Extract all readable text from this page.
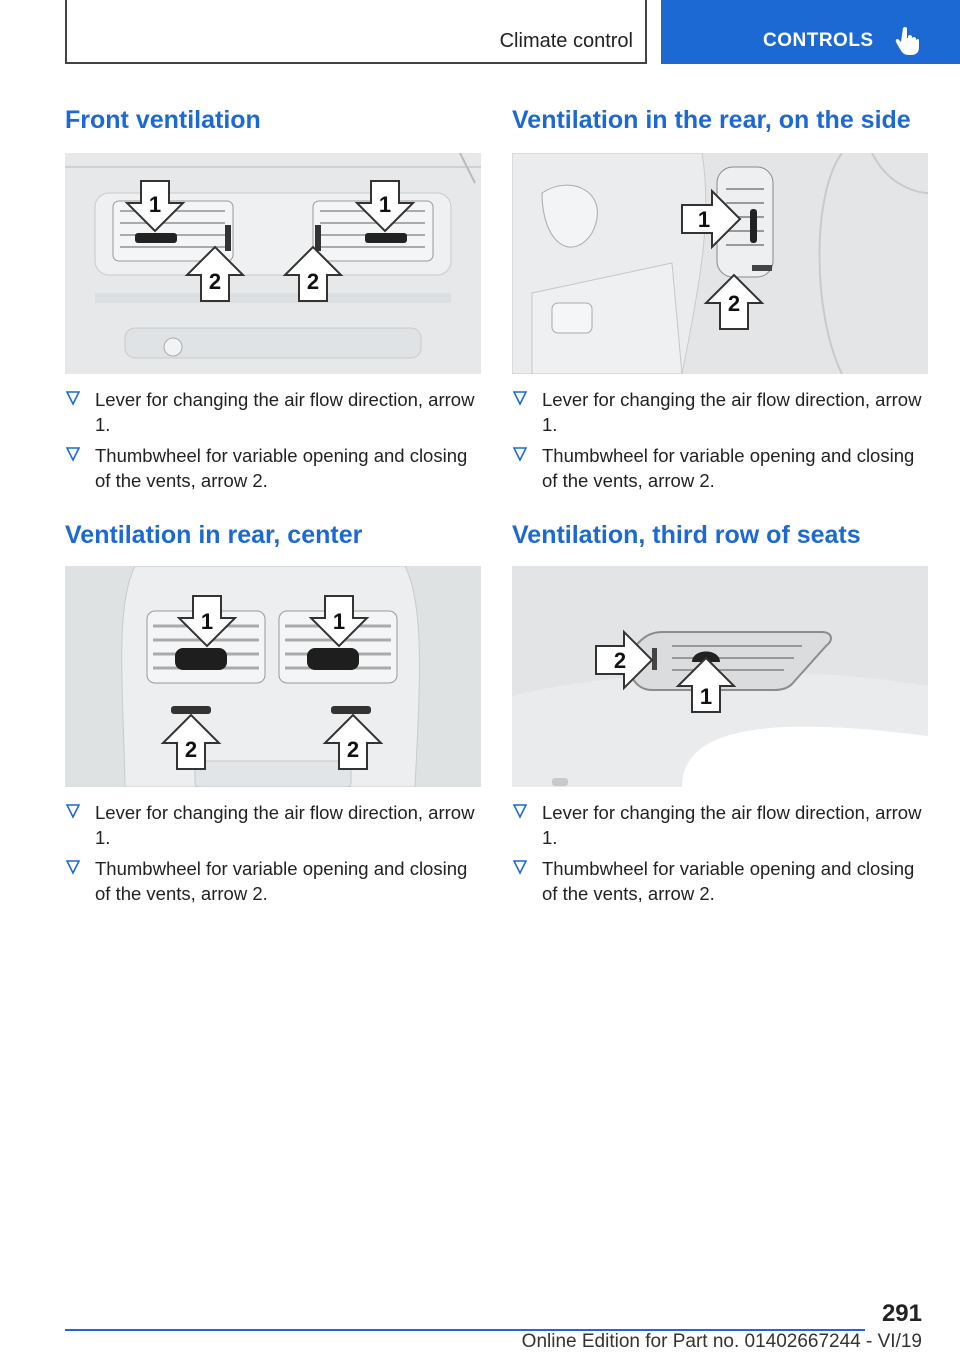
Climate control	CONTROLS
Front ventilation
1	1
2	2
Lever for changing the air flow direction, arrow 1.
Thumbwheel for variable opening and closing of the vents, arrow 2.
Ventilation in rear, center
1	1
2	2
Lever for changing the air flow direction, arrow 1.
Thumbwheel for variable opening and closing of the vents, arrow 2.
Ventilation in the rear, on the side
1
2
Lever for changing the air flow direction, arrow 1.
Thumbwheel for variable opening and closing of the vents, arrow 2.
Ventilation, third row of seats
2
1
Lever for changing the air flow direction, arrow 1.
Thumbwheel for variable opening and closing of the vents, arrow 2.
291
Online Edition for Part no. 01402667244 - VI/19
